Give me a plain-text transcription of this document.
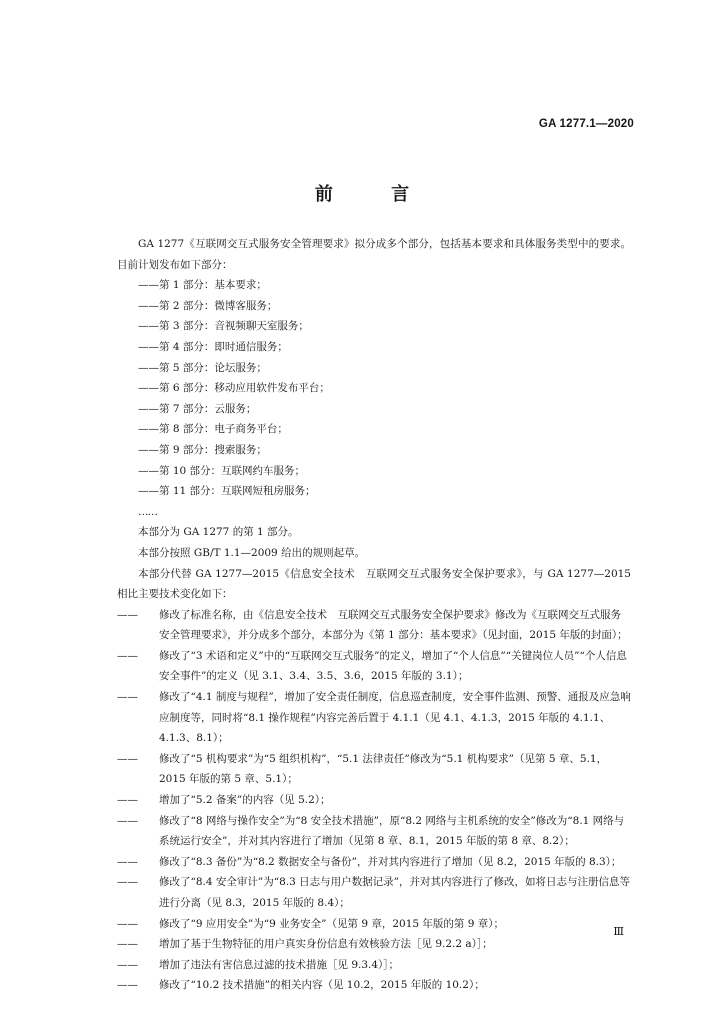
GA 1277.1—2020
前 言

GA 1277《互联网交互式服务安全管理要求》拟分成多个部分，包括基本要求和具体服务类型中的要求。目前计划发布如下部分：

——第 1 部分：基本要求；
——第 2 部分：微博客服务；
——第 3 部分：音视频聊天室服务；
——第 4 部分：即时通信服务；
——第 5 部分：论坛服务；
——第 6 部分：移动应用软件发布平台；
——第 7 部分：云服务；
——第 8 部分：电子商务平台；
——第 9 部分：搜索服务；
——第 10 部分：互联网约车服务；
——第 11 部分：互联网短租房服务；
……

本部分为 GA 1277 的第 1 部分。

本部分按照 GB/T 1.1—2009 给出的规则起草。

本部分代替 GA 1277—2015《信息安全技术　互联网交互式服务安全保护要求》，与 GA 1277—2015 相比主要技术变化如下：

—— 修改了标准名称，由《信息安全技术　互联网交互式服务安全保护要求》修改为《互联网交互式服务安全管理要求》，并分成多个部分，本部分为《第 1 部分：基本要求》（见封面，2015 年版的封面）；

—— 修改了“3 术语和定义”中的“互联网交互式服务”的定义，增加了“个人信息”“关键岗位人员”“个人信息安全事件”的定义（见 3.1、3.4、3.5、3.6，2015 年版的 3.1）；

—— 修改了“4.1 制度与规程”，增加了安全责任制度，信息巡查制度，安全事件监测、预警、通报及应急响应制度等，同时将“8.1 操作规程”内容完善后置于 4.1.1（见 4.1、4.1.3，2015 年版的 4.1.1、4.1.3、8.1）；

—— 修改了“5 机构要求”为“5 组织机构”，“5.1 法律责任”修改为“5.1 机构要求”（见第 5 章、5.1，2015 年版的第 5 章、5.1）；

—— 增加了“5.2 备案”的内容（见 5.2）；

—— 修改了“8 网络与操作安全”为“8 安全技术措施”，原“8.2 网络与主机系统的安全”修改为“8.1 网络与系统运行安全”，并对其内容进行了增加（见第 8 章、8.1，2015 年版的第 8 章、8.2）；

—— 修改了“8.3 备份”为“8.2 数据安全与备份”，并对其内容进行了增加（见 8.2，2015 年版的 8.3）；

—— 修改了“8.4 安全审计”为“8.3 日志与用户数据记录”，并对其内容进行了修改，如将日志与注册信息等进行分离（见 8.3，2015 年版的 8.4）；

—— 修改了“9 应用安全”为“9 业务安全”（见第 9 章，2015 年版的第 9 章）；

—— 增加了基于生物特征的用户真实身份信息有效核验方法［见 9.2.2 a）］；

—— 增加了违法有害信息过滤的技术措施［见 9.3.4）］；

—— 修改了“10.2 技术措施”的相关内容（见 10.2，2015 年版的 10.2）；

Ⅲ
